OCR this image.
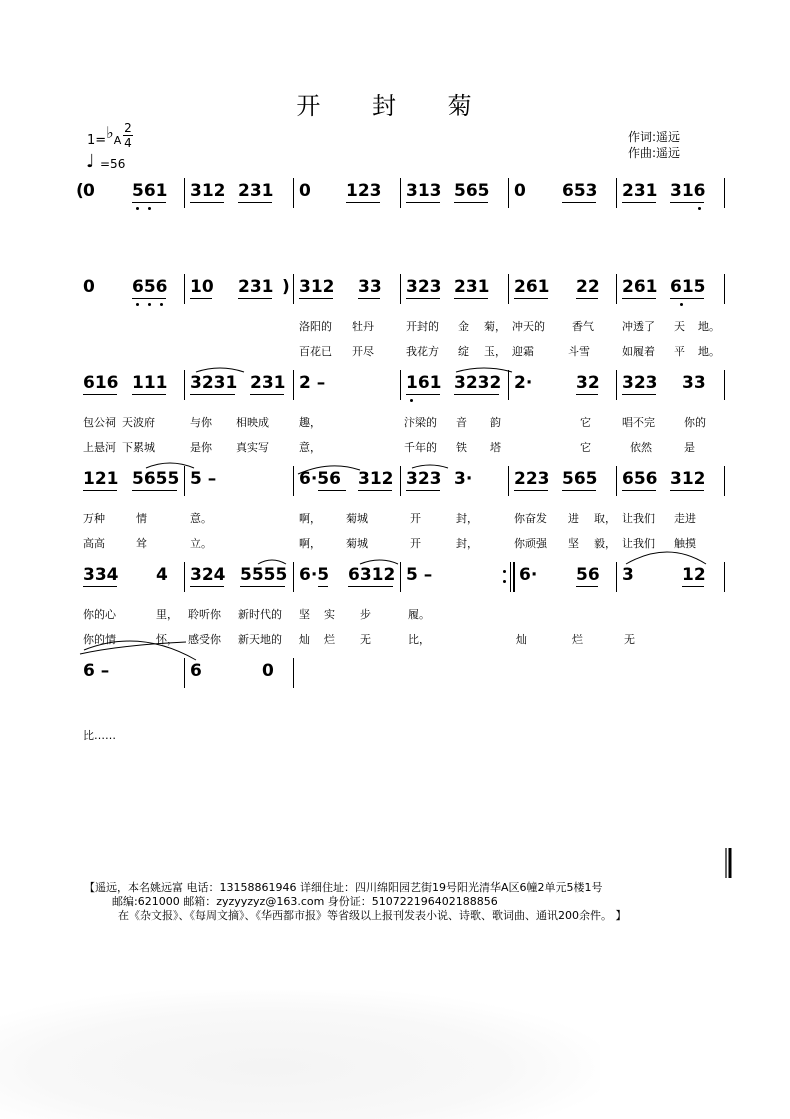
开 封 菊
1=♭A
2
4
♩ =56
作词:遥远
作曲:遥远
( 0 561 312 231 0 123 313 565 0 653 231 316
0 656 10 231 ) 312 33 323 231 261 22 261 615
洛阳的 牡丹	开封的 金 菊， 冲天的 香气	冲透了 天 地。
百花已 开尽	我花方 绽 玉， 迎霜	斗雪	如履着 平 地。
616 111 3231 231 2 –	161 3232 2·	32 323 33
包公祠 天波府	与你 相映成	趣，	汴梁的 音 韵	它	唱不完	你的
上悬河 下累城	是你 真实写	意，	千年的 铁 塔	它	依然	是
121 5655 5 –	6·56 312 323 3· 223 565 656 312
万种	情	意。	啊， 菊城	开	封，	你奋发 进 取， 让我们 走进
高高	耸	立。	啊， 菊城	开	封，	你顽强 坚 毅， 让我们 触摸
334 4 324 5555 6·5 6312 5 –	6· 56 3	12
你的心	里， 聆听你 新时代的 坚 实 步	履。
你的情	怀， 感受你 新天地的 灿 烂 无	比，	灿	烂	无
6 –	6	0
比……
【遥远，本名姚远富 电话：13158861946 详细住址：四川绵阳园艺街19号阳光清华A区6幢2单元5楼1号
邮编:621000 邮箱：zyzyyzyz@163.com 身份证：510722196402188856
在《杂文报》、《每周文摘》、《华西都市报》等省级以上报刊发表小说、诗歌、歌词曲、通讯200余件。 】
